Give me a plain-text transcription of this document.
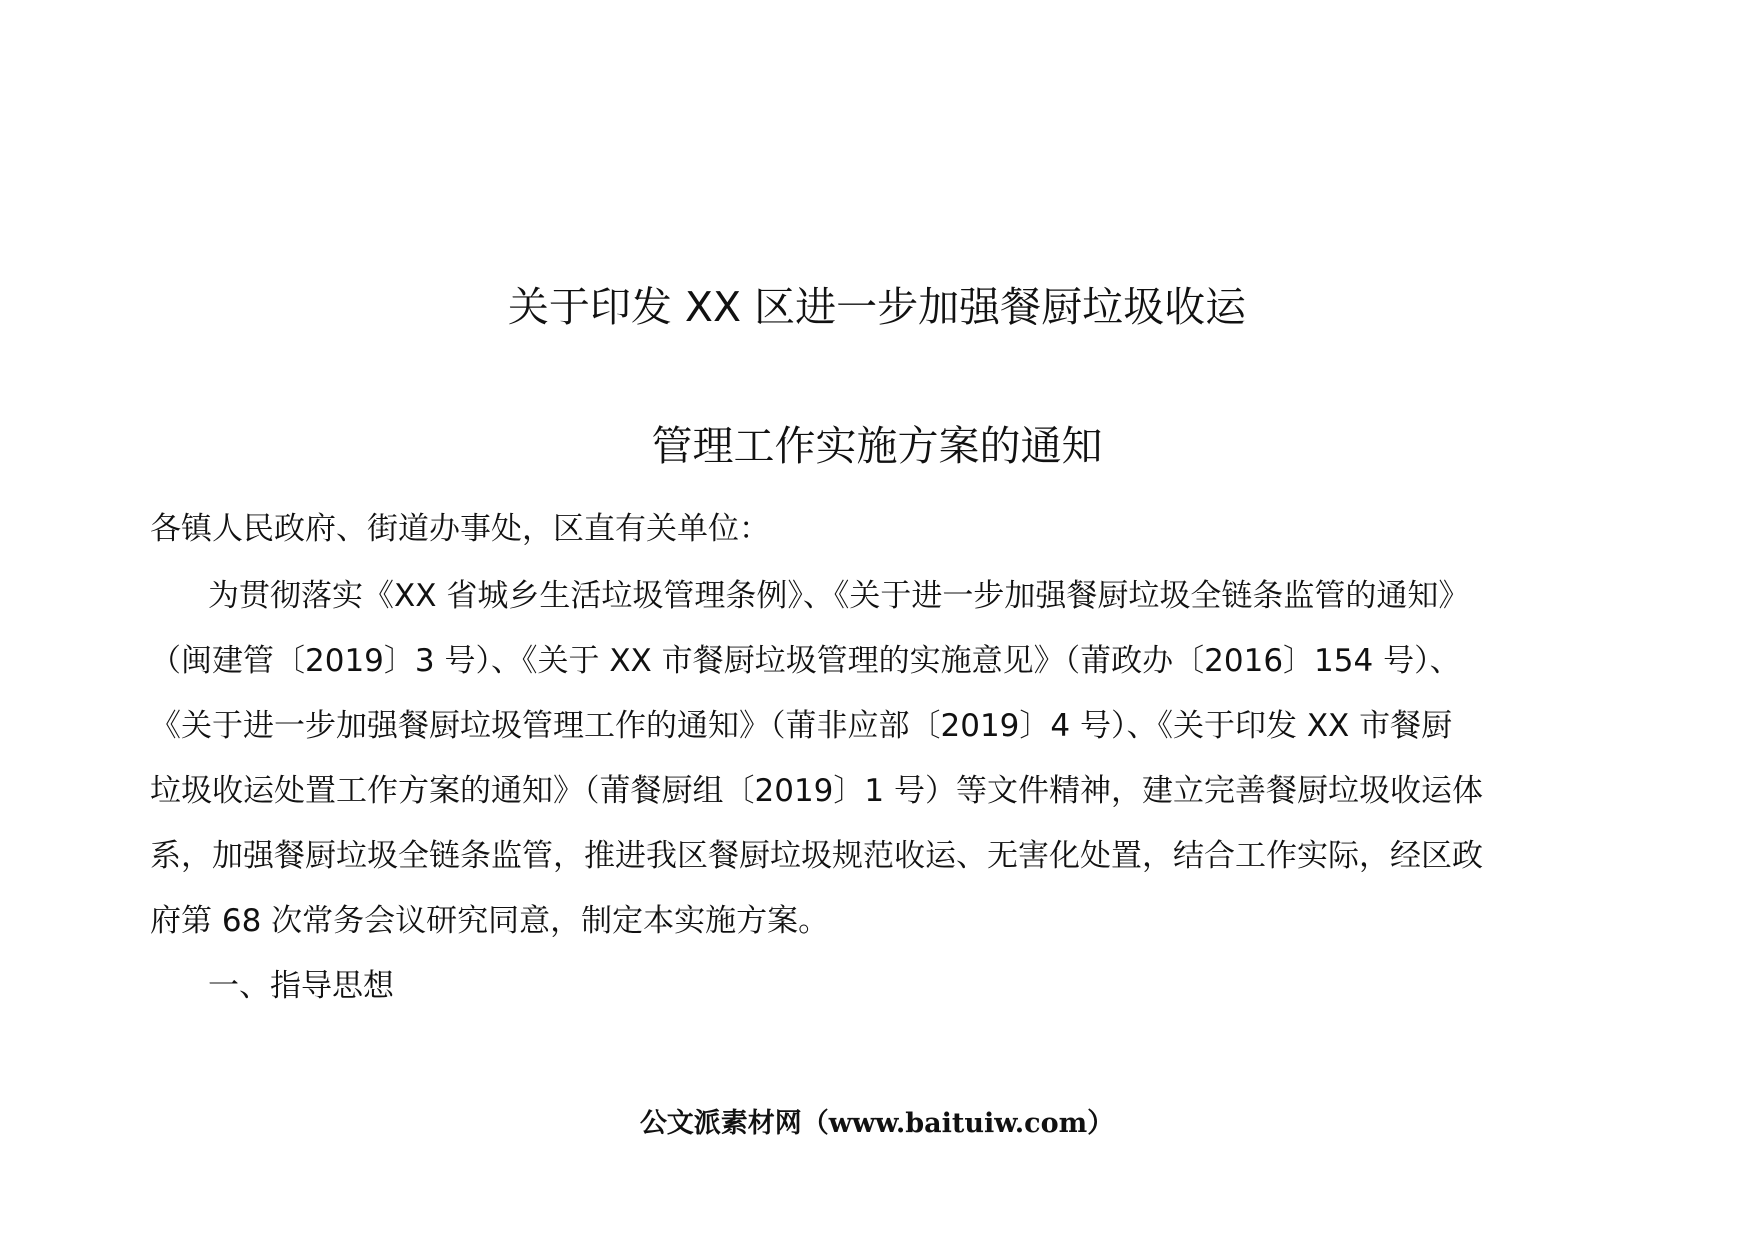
关于印发 XX 区进一步加强餐厨垃圾收运
管理工作实施方案的通知
各镇人民政府、街道办事处，区直有关单位：
为贯彻落实《XX 省城乡生活垃圾管理条例》、《关于进一步加强餐厨垃圾全链条监管的通知》
（闽建管〔2019〕3 号）、《关于 XX 市餐厨垃圾管理的实施意见》（莆政办〔2016〕154 号）、
《关于进一步加强餐厨垃圾管理工作的通知》（莆非应部〔2019〕4 号）、《关于印发 XX 市餐厨
垃圾收运处置工作方案的通知》（莆餐厨组〔2019〕1 号）等文件精神，建立完善餐厨垃圾收运体
系，加强餐厨垃圾全链条监管，推进我区餐厨垃圾规范收运、无害化处置，结合工作实际，经区政
府第 68 次常务会议研究同意，制定本实施方案。
一、指导思想
公文派素材网（www.baituiw.com）
